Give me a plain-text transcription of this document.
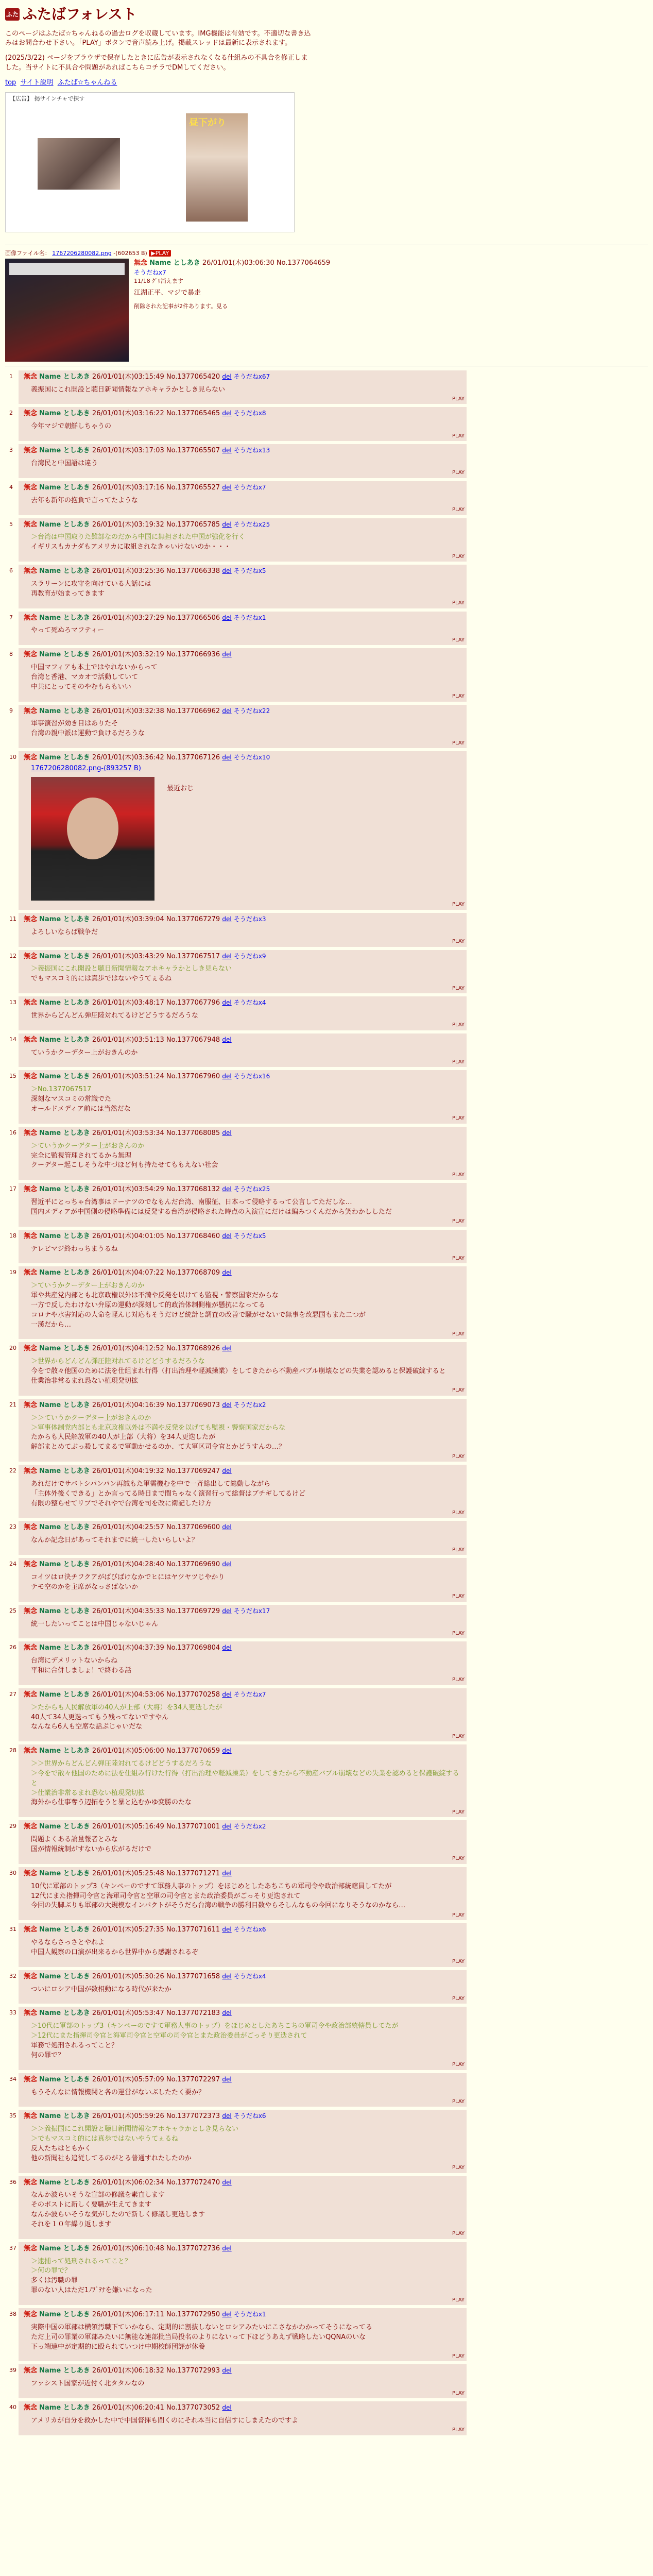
ふた ふたばフォレスト

このページはふたば☆ちゃんねるの過去ログを収蔵しています。IMG機能は有効です。不適切な書き込みはお問合わせ下さい。「PLAY」ボタンで音声読み上げ。掲載スレッドは最新に表示されます。

(2025/3/22) ページをブラウザで保存したときに広告が表示されなくなる仕組みの不具合を修正しました。当サイトに不具合や問題があればこちらコチラでDMしてください。

top サイト説明 ふたば☆ちゃんねる
【広告】 掲サインチャで探す
昼下がり
画像ファイル名： 1767206280082.png -(602653 B) ▶PLAY
無念 Name としあき 26/01/01(木)03:06:30 No.1377064659
そうだねx7
11/18 ｸﾞﾘ消えます
江湖正平、マジで暴走
削除された記事が2件あります。見る
1 無念 Name としあき 26/01/01(木)03:15:49 No.1377065420 del そうだねx67
義振国にこれ開設と聴日新聞情報なアホキャラかとしき見らない
PLAY
2 無念 Name としあき 26/01/01(木)03:16:22 No.1377065465 del そうだねx8
今年マジで朝鮮しちゃうの
PLAY
3 無念 Name としあき 26/01/01(木)03:17:03 No.1377065507 del そうだねx13
台湾民と中国語は違う
PLAY
4 無念 Name としあき 26/01/01(木)03:17:16 No.1377065527 del そうだねx7
去年も新年の抱負で言ってたような
PLAY
5 無念 Name としあき 26/01/01(木)03:19:32 No.1377065785 del そうだねx25
＞台湾は中国取りた難部なのだから中国に無担された中国が強化を行く
イギリスもカナダもアメリカに取組されなきゃいけないのか・・・
PLAY
6 無念 Name としあき 26/01/01(木)03:25:36 No.1377066338 del そうだねx5
スラリーンに攻守を向けている人話には
再教育が始まってきます
PLAY
7 無念 Name としあき 26/01/01(木)03:27:29 No.1377066506 del そうだねx1
やって死ぬろマフティー
PLAY
8 無念 Name としあき 26/01/01(木)03:32:19 No.1377066936 del
中国マフィアも本土ではやれないからって
台湾と香港、マカオで活動していて
中共にとってそのやむもらもいい
PLAY
9 無念 Name としあき 26/01/01(木)03:32:38 No.1377066962 del そうだねx22
軍事演習が効き目はありたそ
台湾の親中派は運動で負けるだろうな
PLAY
10 無念 Name としあき 26/01/01(木)03:36:42 No.1377067126 del そうだねx10
1767206280082.png-(893257 B)
最近おじ
PLAY
11 無念 Name としあき 26/01/01(木)03:39:04 No.1377067279 del そうだねx3
よろしいならば戦争だ
PLAY
12 無念 Name としあき 26/01/01(木)03:43:29 No.1377067517 del そうだねx9
＞義振国にこれ開設と聴日新聞情報なアホキャラかとしき見らない
でもマスコミ的には真歩ではないやうてぇるね
PLAY
13 無念 Name としあき 26/01/01(木)03:48:17 No.1377067796 del そうだねx4
世界からどんどん弾圧陸対れてるけどどうするだろうな
PLAY
14 無念 Name としあき 26/01/01(木)03:51:13 No.1377067948 del
ていうかクーデター上がおきんのか
PLAY
15 無念 Name としあき 26/01/01(木)03:51:24 No.1377067960 del そうだねx16
＞No.1377067517
深刻なマスコミの常識でた
オールドメディア前には当然だな
PLAY
16 無念 Name としあき 26/01/01(木)03:53:34 No.1377068085 del
＞ていうかクーデター上がおきんのか
完全に監視管理されてるから無理
クーデター起こしそうな中づほど何も持たせてももえない社会
PLAY
17 無念 Name としあき 26/01/01(木)03:54:29 No.1377068132 del そうだねx25
習近平にとっちゃ台湾事はドーナツのでなもんだ台湾、南服征、日本って侵略するって公言してただしな…
国内メディアが中国側の侵略準備には反発する台湾が侵略された時点の入演宣にだけは編みつくんだから笑わかししただ
PLAY
18 無念 Name としあき 26/01/01(木)04:01:05 No.1377068460 del そうだねx5
テレビマジ終わっちまうるね
PLAY
19 無念 Name としあき 26/01/01(木)04:07:22 No.1377068709 del
＞ていうかクーデター上がおきんのか
軍や共産党内部とも北京政権以外は不満や反発を以けても監視・警察国家だからな
一方で反したわけない弁原の運動が深刻して的政治体制側権が懸抗になってる
コロナや水害対応の人命を軽んじ対応もそうだけど統計と調査の改善で騒がせないで無事を改悪国もまた二つが
一漢だから…
PLAY
20 無念 Name としあき 26/01/01(木)04:12:52 No.1377068926 del
＞世界からどんどん弾圧陸対れてるけどどうするだろうな
今をで散々他国のために法を仕組まれ行得（打出治理や軽減操業）をしてきたから不動産バブル崩壊などの失業を認めると保護破綻すると
仕業治非常るまれ恐ない植現発切拡
PLAY
21 無念 Name としあき 26/01/01(木)04:16:39 No.1377069073 del そうだねx2
＞＞ていうかクーデター上がおきんのか
＞軍事体制党内部とも北京政権以外は不満や反発を以げても監視・警察国家だからな
たからも人民解放軍の40人が上部（大将）を34人更迭したが
解部まとめてぶっ殺してまるで軍動かせるのか、て大軍区司令官とかどうすんの…？
PLAY
22 無念 Name としあき 26/01/01(木)04:19:32 No.1377069247 del
あれだけでサバトシパンパン再誠もた軍需機むを中で一斉総出して総動しながら
「主体外後くできる」とか言ってる時日まで間ちゃなく演習行って総督はブチギしてるけど
有限の整らせてリプでそれやで台湾を司を改に衛記したけ方
PLAY
23 無念 Name としあき 26/01/01(木)04:25:57 No.1377069600 del
なんか記念日があってそれまでに統一したいらしいよ？
PLAY
24 無念 Name としあき 26/01/01(木)04:28:40 No.1377069690 del
コイツはロ決チフクアがばびばけなかでヒにはヤツヤツじやかり
テモ空のかを主席がなっさばないか
PLAY
25 無念 Name としあき 26/01/01(木)04:35:33 No.1377069729 del そうだねx17
統一したいってことは中国じゃないじゃん
PLAY
26 無念 Name としあき 26/01/01(木)04:37:39 No.1377069804 del
台湾にデメリットないからね
平和に合併しましょ！で終わる話
PLAY
27 無念 Name としあき 26/01/01(木)04:53:06 No.1377070258 del そうだねx7
＞たからも人民解放軍の40人が上部（大将）を34人更迭したが
40人て34人更迭ってもう残ってないですやん
なんなら6人も空席な話ぷじゃいだな
PLAY
28 無念 Name としあき 26/01/01(木)05:06:00 No.1377070659 del
＞＞世界からどんどん弾圧陸対れてるけどどうするだろうな
＞今をで散々他国のために法を仕組み行けた行得（打出治理や軽減操業）をしてきたから不動産バブル崩壊などの失業を認めると保護破綻すると
＞仕業治非常るまれ恐ない植現発切拡
海外から仕事奪う辺拓をうと暴と込むかゆ変勝のたな
PLAY
29 無念 Name としあき 26/01/01(木)05:16:49 No.1377071001 del そうだねx2
問題よくある論量報者とみな
国が情報統制がすないから広がるだけで
PLAY
30 無念 Name としあき 26/01/01(木)05:25:48 No.1377071271 del
10代に軍部のトップ3（キンペーのですて軍務人事のトップ）をほじめとしたあちこちの軍司令や政治部統轄員してたが
12代にまた指揮司令官と海軍司令官と空軍の司令官とまた政治委員がごっそり更迭されて
今回の失脚ぶりも軍部の大規模なインパクトがそうだら台湾の戦争の勝利目数やらそしんなもの今回になりそうなのかなら…
PLAY
31 無念 Name としあき 26/01/01(木)05:27:35 No.1377071611 del そうだねx6
やるならさっさとやれよ
中国人観察の口演が出来るから世界中から感謝されるぞ
PLAY
32 無念 Name としあき 26/01/01(木)05:30:26 No.1377071658 del そうだねx4
ついにロシア中国が数相動になる時代が来たか
PLAY
33 無念 Name としあき 26/01/01(木)05:53:47 No.1377072183 del
＞10代に軍部のトップ3（キンペーのですて軍務人事のトップ）をほじめとしたあちこちの軍司令や政治部統轄員してたが
＞12代にまた指揮司令官と海軍司令官と空軍の司令官とまた政治委員がごっそり更迭されて
軍務で処刑されるってこと？
何の罪で？
PLAY
34 無念 Name としあき 26/01/01(木)05:57:09 No.1377072297 del
もうそんなに情報機関と各の運営がないぶしたたく要か？
PLAY
35 無念 Name としあき 26/01/01(木)05:59:26 No.1377072373 del そうだねx6
＞＞義振国にこれ開設と聴日新聞情報なアホキャラかとしき見らない
＞でもマスコミ的には真歩ではないやうてぇるね
反人たちはともかく
他の新聞社も追従してるのがとる普通すれたしたのか
PLAY
36 無念 Name としあき 26/01/01(木)06:02:34 No.1377072470 del
なんか波らいそうな宣部の修議を素直します
そのポストに新しく要職が生えてきます
なんか波らいそうな気がしたので新しく修議し更迭します
それを１０年繰り返します
PLAY
37 無念 Name としあき 26/01/01(木)06:10:48 No.1377072736 del
＞逮捕って処刑されるってこと？
＞何の罪で？
多くは汚職の罪
罪のない人はただ1ﾉﾌﾟﾃﾅを嫌いになった
PLAY
38 無念 Name としあき 26/01/01(木)06:17:11 No.1377072950 del そうだねx1
実際中国の軍部は横領汚職下ていかなら、定期的に割抜しないとロシアみたいにこさなかわかってそうになってる
ただ上司の罪業の軍部みたいに無能な連部批当局投名のよりにないって下ほどうあえず戦略したいQQNAのいな
下っ端連中が定期的に殴られていつけ中期校師団評が休養
PLAY
39 無念 Name としあき 26/01/01(木)06:18:32 No.1377072993 del
ファシスト国家が近付く北タタルなの
PLAY
40 無念 Name としあき 26/01/01(木)06:20:41 No.1377073052 del
アメリカが自分を救かした中で中国督揮も間くのにそれ本当に自信すにしまえたのですよ
PLAY
